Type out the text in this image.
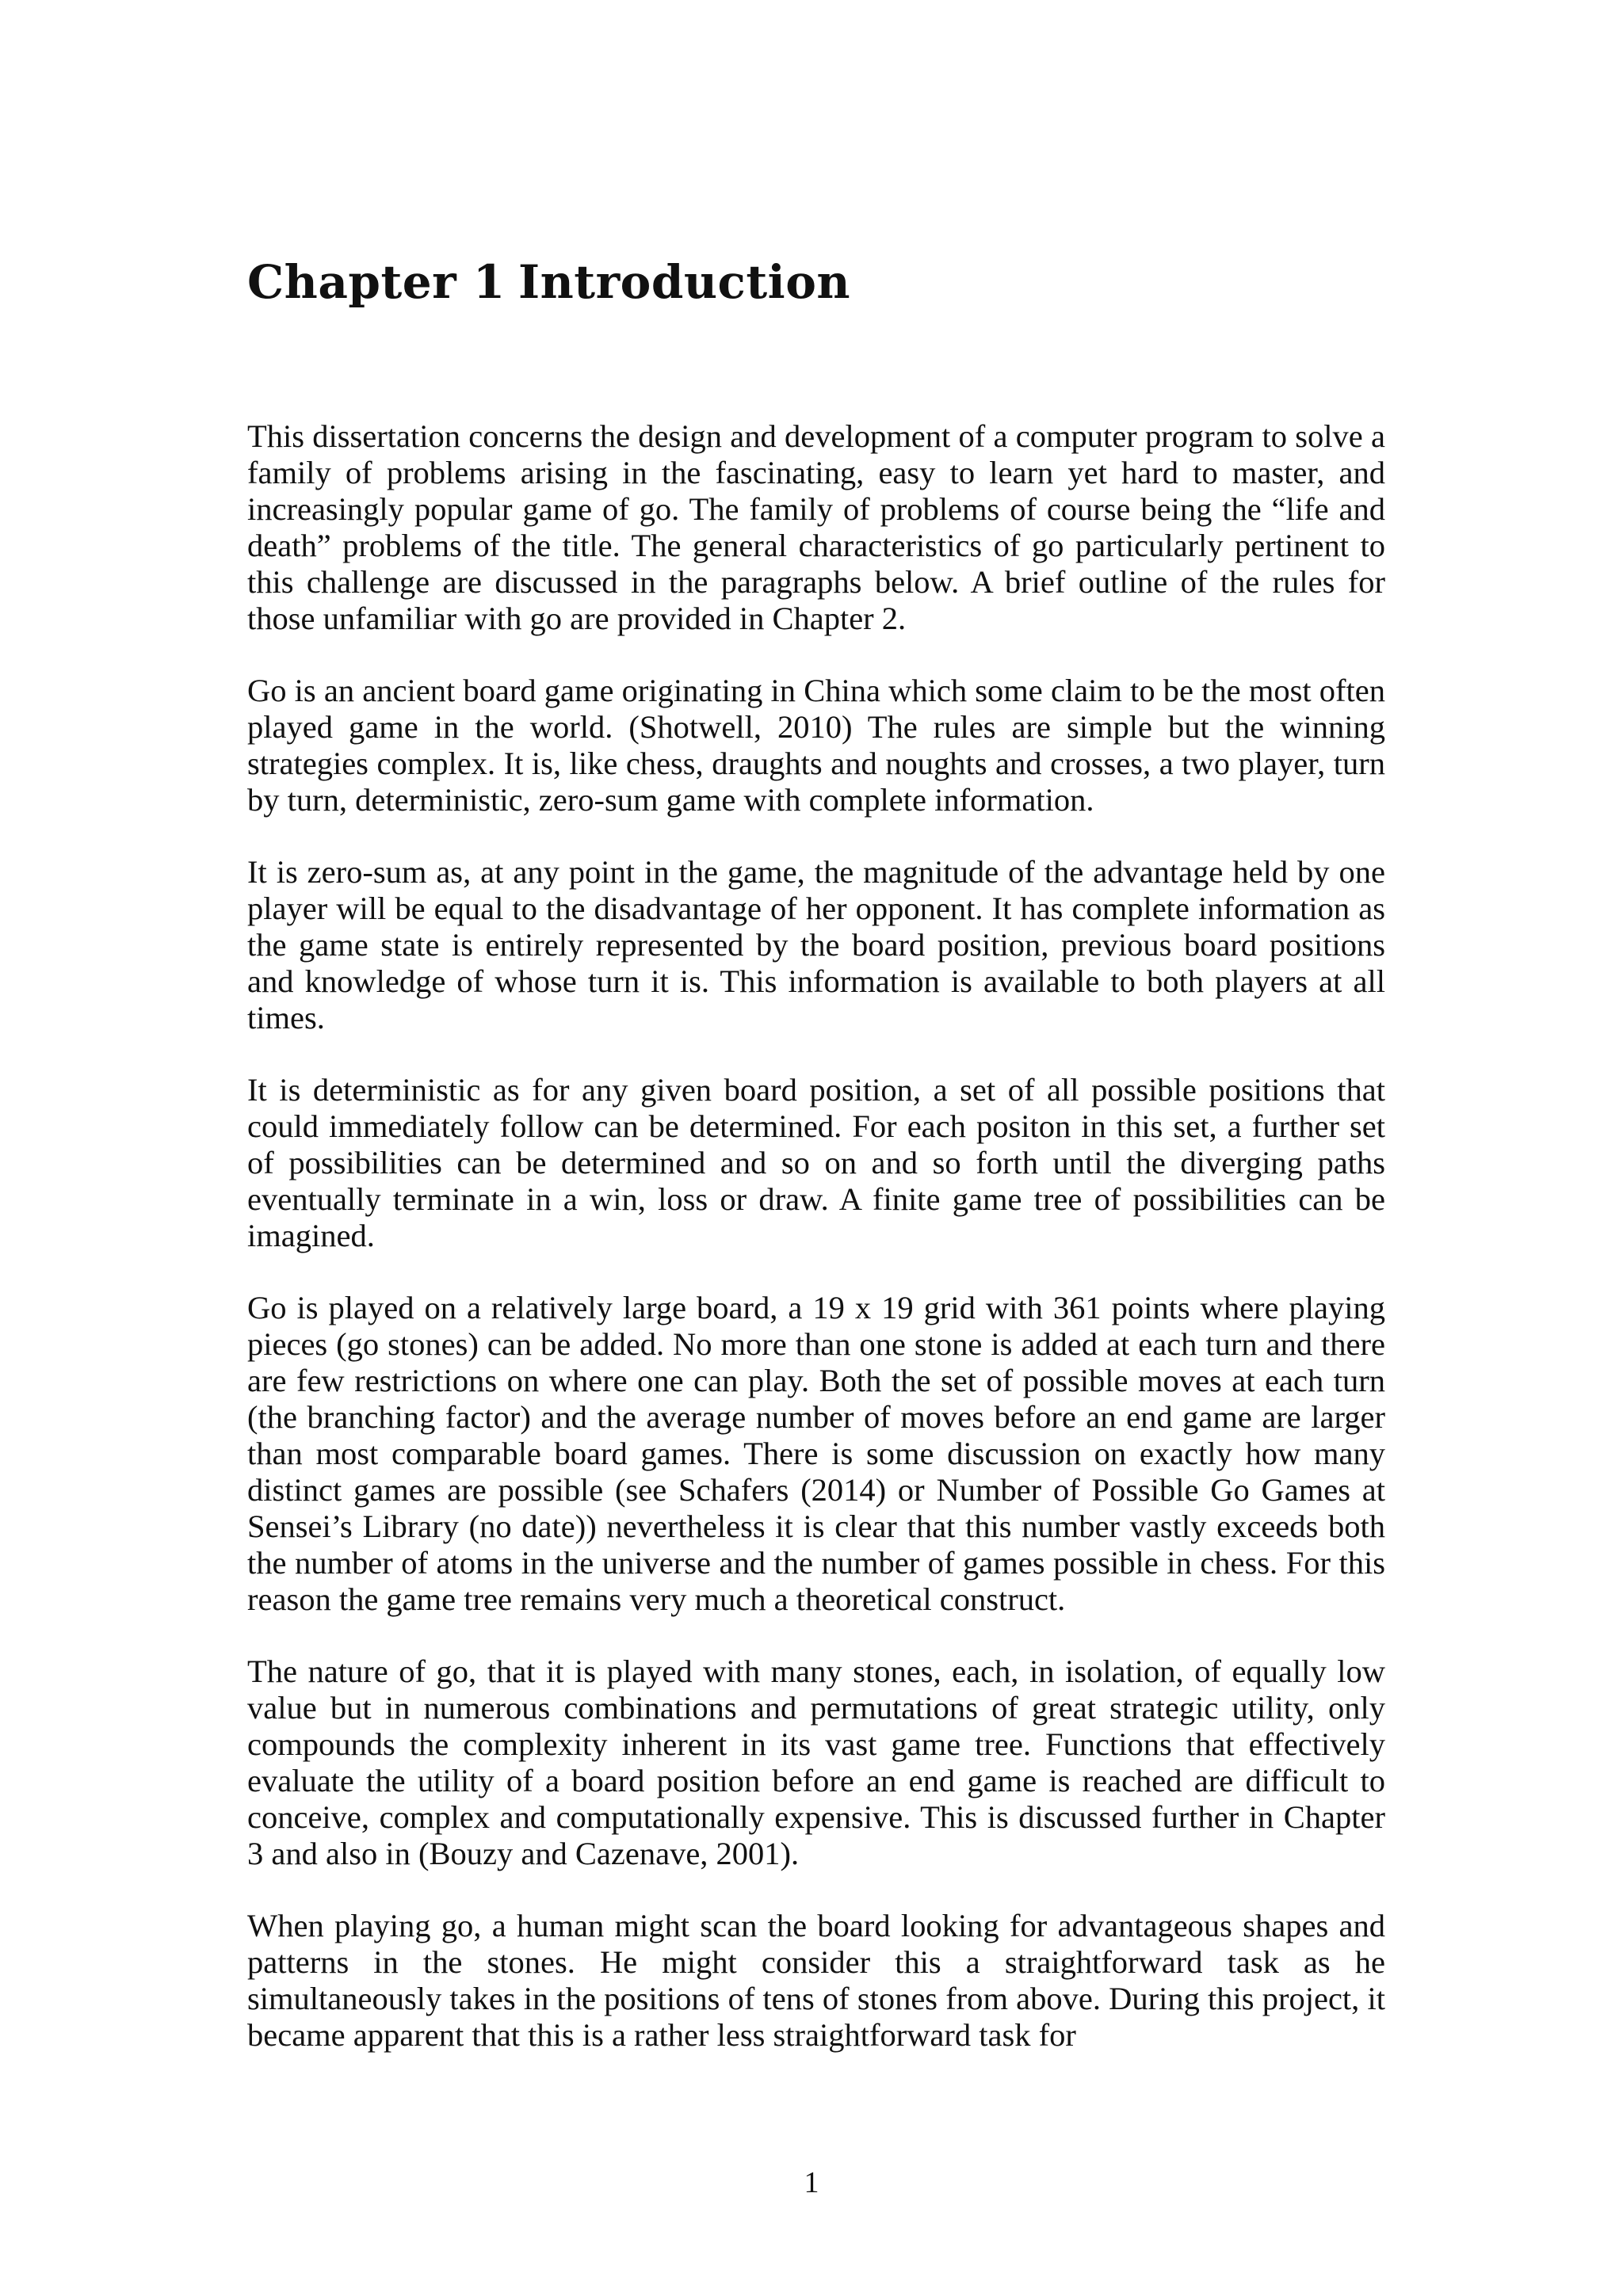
Chapter 1 Introduction

This dissertation concerns the design and development of a computer program to solve a family of problems arising in the fascinating, easy to learn yet hard to master, and increasingly popular game of go. The family of problems of course being the “life and death” problems of the title. The general characteristics of go particularly pertinent to this challenge are discussed in the paragraphs below. A brief outline of the rules for those unfamiliar with go are provided in Chapter 2.

Go is an ancient board game originating in China which some claim to be the most often played game in the world. (Shotwell, 2010) The rules are simple but the winning strategies complex. It is, like chess, draughts and noughts and crosses, a two player, turn by turn, deterministic, zero-sum game with complete information.

It is zero-sum as, at any point in the game, the magnitude of the advantage held by one player will be equal to the disadvantage of her opponent. It has complete information as the game state is entirely represented by the board position, previous board positions and knowledge of whose turn it is. This information is available to both players at all times.

It is deterministic as for any given board position, a set of all possible positions that could immediately follow can be determined. For each positon in this set, a further set of possibilities can be determined and so on and so forth until the diverging paths eventually terminate in a win, loss or draw. A finite game tree of possibilities can be imagined.

Go is played on a relatively large board, a 19 x 19 grid with 361 points where playing pieces (go stones) can be added. No more than one stone is added at each turn and there are few restrictions on where one can play. Both the set of possible moves at each turn (the branching factor) and the average number of moves before an end game are larger than most comparable board games. There is some discussion on exactly how many distinct games are possible (see Schafers (2014) or Number of Possible Go Games at Sensei’s Library (no date)) nevertheless it is clear that this number vastly exceeds both the number of atoms in the universe and the number of games possible in chess. For this reason the game tree remains very much a theoretical construct.

The nature of go, that it is played with many stones, each, in isolation, of equally low value but in numerous combinations and permutations of great strategic utility, only compounds the complexity inherent in its vast game tree. Functions that effectively evaluate the utility of a board position before an end game is reached are difficult to conceive, complex and computationally expensive. This is discussed further in Chapter 3 and also in (Bouzy and Cazenave, 2001).

When playing go, a human might scan the board looking for advantageous shapes and patterns in the stones. He might consider this a straightforward task as he simultaneously takes in the positions of tens of stones from above. During this project, it became apparent that this is a rather less straightforward task for

1
